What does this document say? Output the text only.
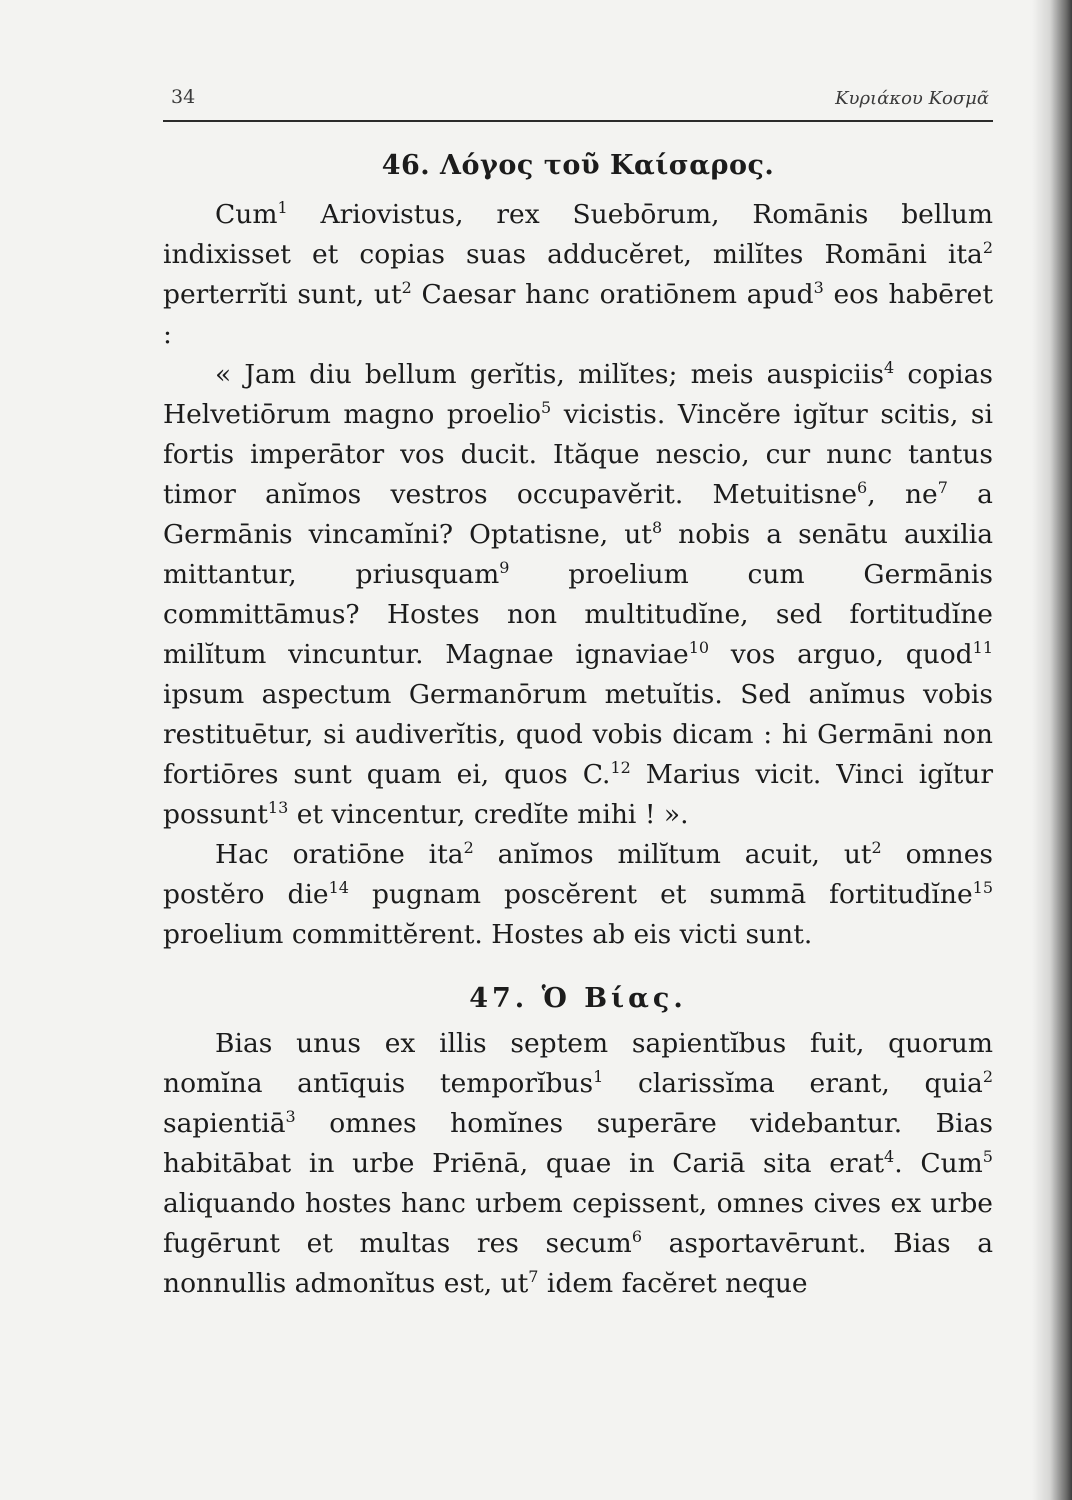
34	Κυριάκου Κοσμᾶ
46. Λόγος τοῦ Καίσαρος.

Cum$^1$ Ariovistus, rex Suebōrum, Romānis bellum indixisset et copias suas adducĕret, milĭtes Romāni ita$^2$ perterrĭti sunt, $ut^2$ Caesar hanc oratiōnem apud$^3$ eos habēret :

« Jam diu bellum gerĭtis, milĭtes; meis auspiciis$^4$ copias Helvetiōrum magno proelio$^5$ vicistis. Vincĕre igĭtur scitis, si fortis imperātor vos ducit. Ităque nescio, cur nunc tantus timor anĭmos vestros occupavĕrit. Metuitisne$^6$, $ne^7$ a Germānis vincamĭni? Optatisne, $ut^8$ nobis a senātu auxilia mittantur, priusquam$^9$ proelium cum Germānis committāmus? Hostes non multitudĭne, sed fortitudĭne milĭtum vincuntur. Magnae ignaviae$^{10}$ vos arguo, quod$^{11}$ ipsum aspectum Germanōrum metuĭtis. Sed anĭmus vobis restituētur, si audiverĭtis, quod vobis dicam : hi Germāni non fortiōres sunt quam ei, quos C.$^{12}$ Marius vicit. Vinci igĭtur possunt$^{13}$ et vincentur, credĭte mihi ! ».

Hac oratiōne ita$^2$ anĭmos milĭtum acuit, $ut^2$ omnes postĕro die$^{14}$ pugnam poscĕrent et summā fortitudĭne$^{15}$ proelium committĕrent. Hostes ab eis victi sunt.

47. Ὁ Βίας.

Bias unus ex illis septem sapientĭbus fuit, quorum nomĭna antīquis temporĭbus$^1$ clarissĭma erant, quia$^2$ sapientiā$^3$ omnes homĭnes superāre videbantur. Bias habitābat in urbe Priēnā, quae in Cariā sita erat$^4$. Cum$^5$ aliquando hostes hanc urbem cepissent, omnes cives ex urbe fugērunt et multas res secum$^6$ asportavērunt. Bias a nonnullis admonĭtus est, $ut^7$ idem facĕret neque
